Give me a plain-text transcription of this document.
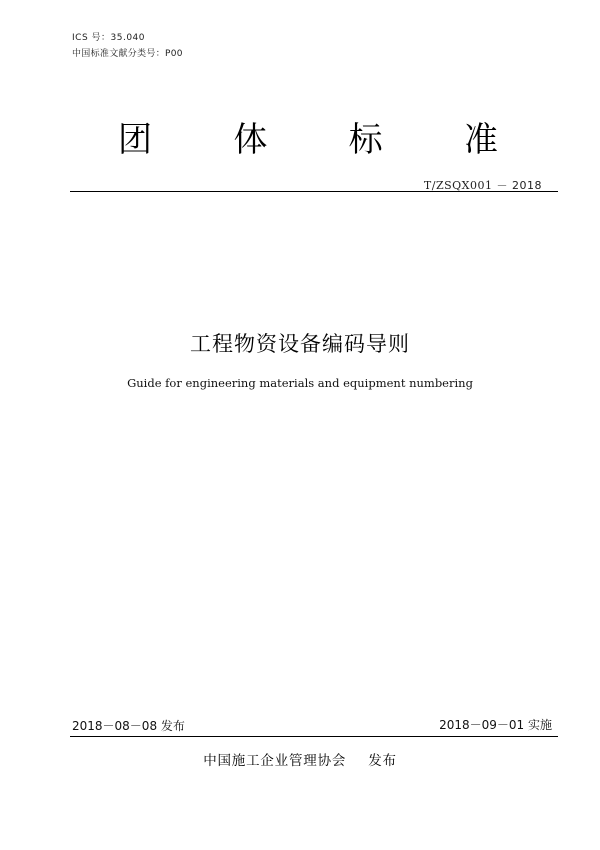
ICS 号：35.040
中国标准文献分类号：P00
团 体 标 准
T/ZSQX001 － 2018
工程物资设备编码导则
Guide for engineering materials and equipment numbering
2018－08－08 发布	2018－09－01 实施
中国施工企业管理协会 发布
